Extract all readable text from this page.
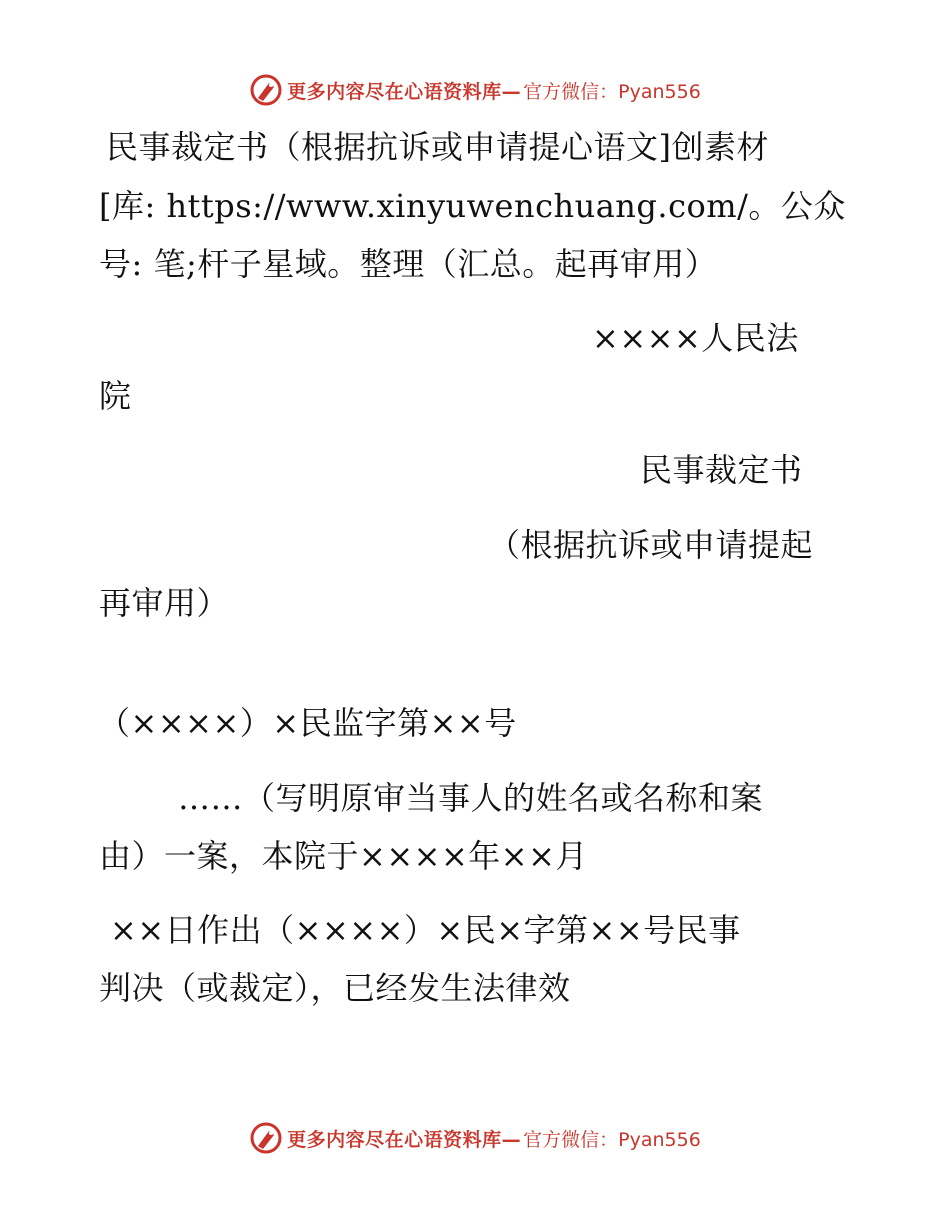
更多内容尽在心语资料库— 官方微信：Pyan556
民事裁定书（根据抗诉或申请提心语文]创素材
[库: https://www.xinyuwenchuang.com/。公众
号: 笔;杆子星域。整理（汇总。起再审用）
××××人民法
院
民事裁定书
（根据抗诉或申请提起
再审用）
（××××）×民监字第××号
……（写明原审当事人的姓名或名称和案
由）一案，本院于××××年××月
××日作出（××××）×民×字第××号民事
判决（或裁定），已经发生法律效
更多内容尽在心语资料库— 官方微信：Pyan556
